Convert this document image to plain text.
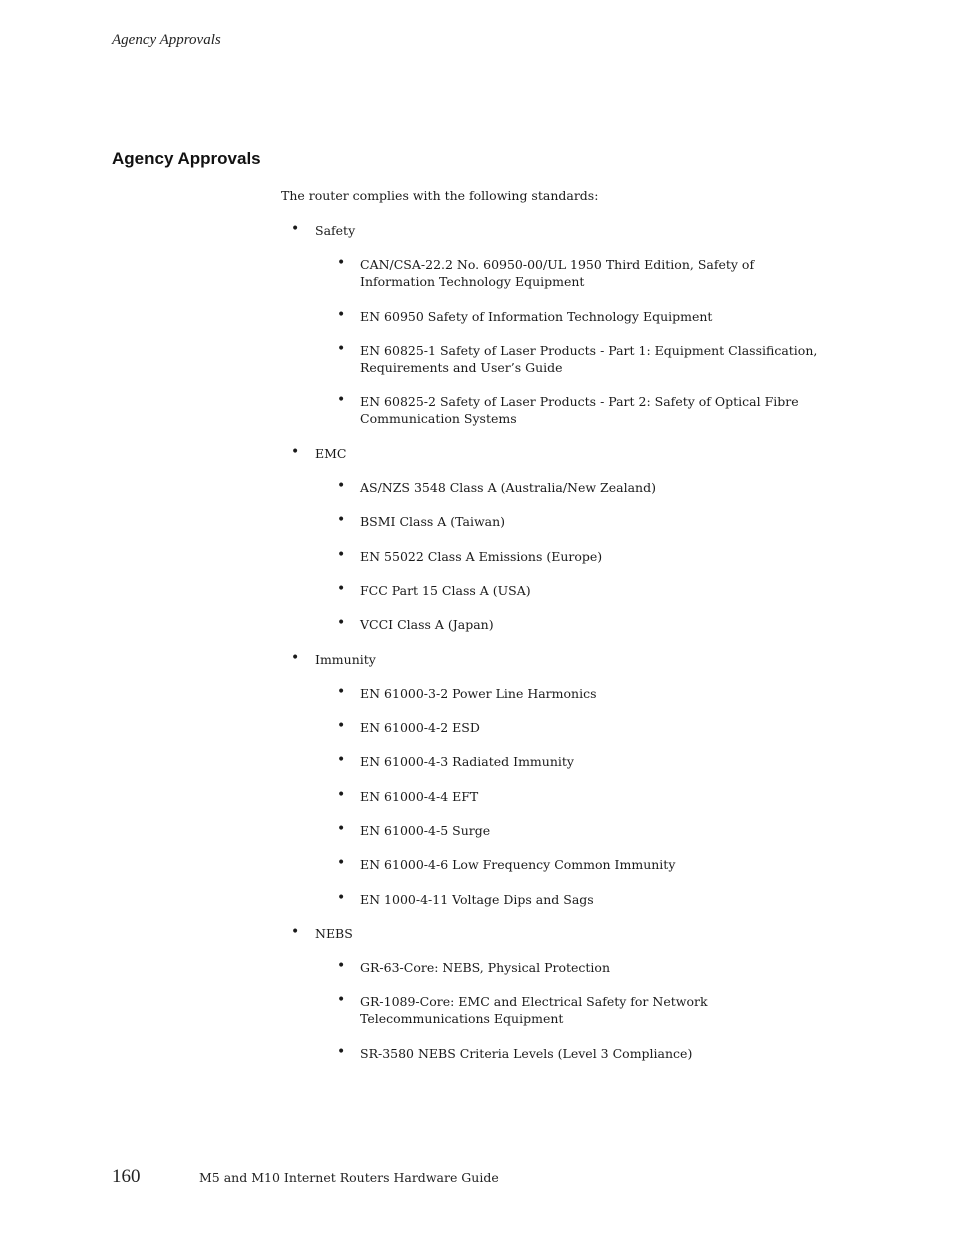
Agency Approvals
Agency Approvals

The router complies with the following standards:

• Safety
• CAN/CSA-22.2 No. 60950-00/UL 1950 Third Edition, Safety of Information Technology Equipment
• EN 60950 Safety of Information Technology Equipment
• EN 60825-1 Safety of Laser Products - Part 1: Equipment Classification, Requirements and User’s Guide
• EN 60825-2 Safety of Laser Products - Part 2: Safety of Optical Fibre Communication Systems
• EMC
• AS/NZS 3548 Class A (Australia/New Zealand)
• BSMI Class A (Taiwan)
• EN 55022 Class A Emissions (Europe)
• FCC Part 15 Class A (USA)
• VCCI Class A (Japan)
• Immunity
• EN 61000-3-2 Power Line Harmonics
• EN 61000-4-2 ESD
• EN 61000-4-3 Radiated Immunity
• EN 61000-4-4 EFT
• EN 61000-4-5 Surge
• EN 61000-4-6 Low Frequency Common Immunity
• EN 1000-4-11 Voltage Dips and Sags
• NEBS
• GR-63-Core: NEBS, Physical Protection
• GR-1089-Core: EMC and Electrical Safety for Network Telecommunications Equipment
• SR-3580 NEBS Criteria Levels (Level 3 Compliance)
160	M5 and M10 Internet Routers Hardware Guide
